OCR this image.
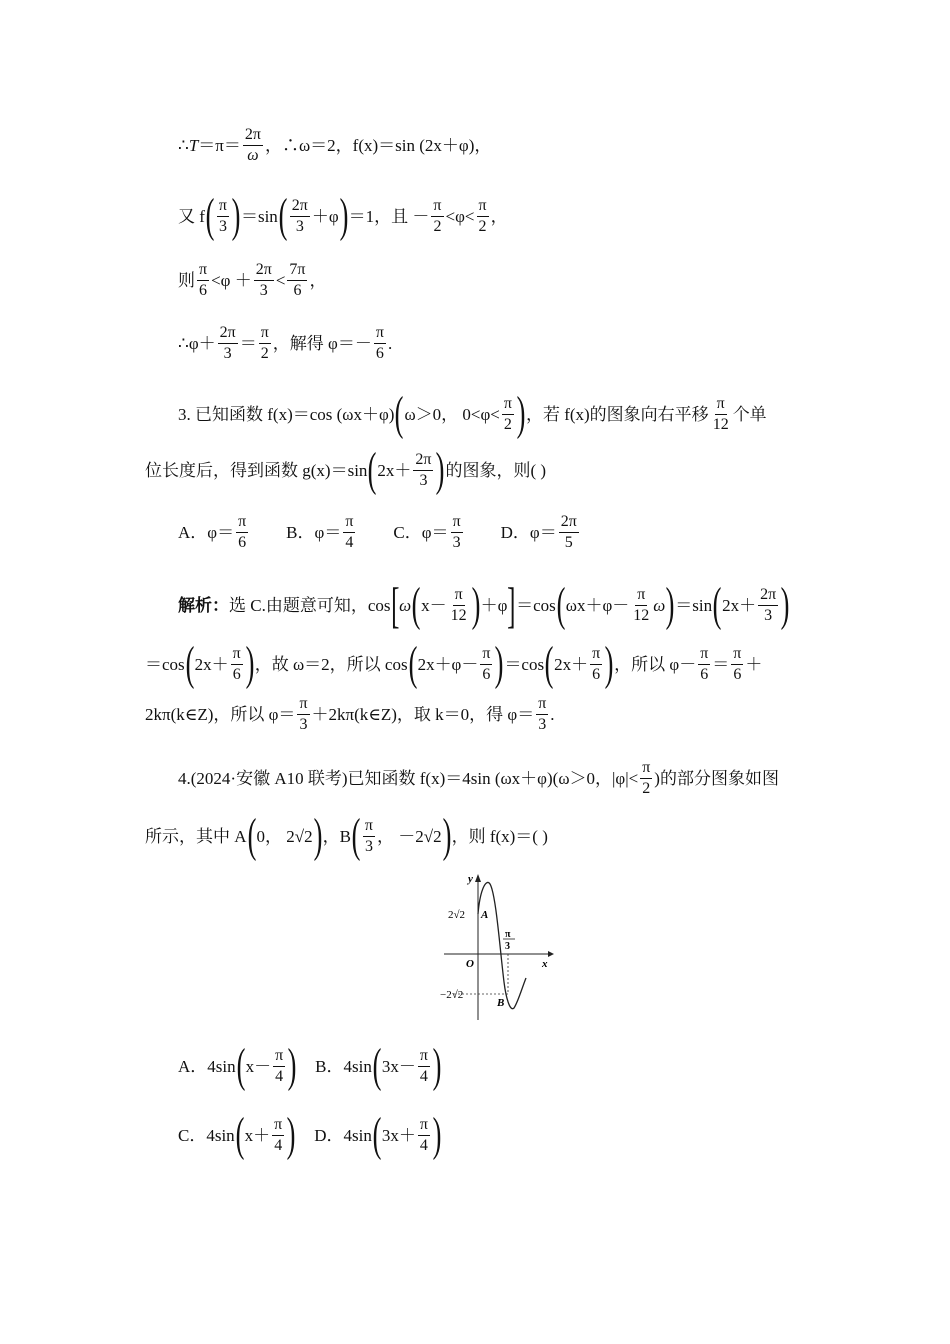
∴ $T =\pi= \frac{2\pi}{\omega}$ ，∴ω＝2， f(x)＝sin (2x＋φ)，
又 f ( $\frac{\pi}{3}$ ) ＝sin ( $\frac{2\pi}{3} +\varphi$ ) ＝1，且 － $\frac{\pi}{2} <\varphi< \frac{\pi}{2}$ ，
则 $\frac{\pi}{6} <\varphi + \frac{2\pi}{3} < \frac{7\pi}{6}$ ，
∴φ＋ $\frac{2\pi}{3} = \frac{\pi}{2}$ ，解得 $\varphi=- \frac{\pi}{6}$ .
3. 已知函数 f(x)＝cos (ωx＋φ) ( ω＞0， $0<\varphi< \frac{\pi}{2}$ ) ，若 f(x)的图象向右平移 $\frac{\pi}{12}$ 个单
位长度后，得到函数 g(x)＝sin ( $2x+ \frac{2\pi}{3}$ ) 的图象，则( )
A．$\varphi= \frac{\pi}{6}$ B．$\varphi= \frac{\pi}{4}$ C．$\varphi= \frac{\pi}{3}$ D．$\varphi= \frac{2\pi}{5}$
解析： 选 C.由题意可知，cos [ ω ( $x- \frac{\pi}{12}$ ) ＋φ ] ＝cos ( $\omega x+\varphi- \frac{\pi}{12}$ ω ) ＝sin ( $2x+ \frac{2\pi}{3}$ )
＝cos ( $2x+ \frac{\pi}{6}$ ) ，故 ω＝2，所以 cos ( $2x+\varphi- \frac{\pi}{6}$ ) ＝cos ( $2x+ \frac{\pi}{6}$ ) ，所以 $\varphi- \frac{\pi}{6} = \frac{\pi}{6}$ ＋
2kπ(k∈Z)，所以 $\varphi= \frac{\pi}{3}$ ＋2kπ(k∈Z)，取 k＝0，得 $\varphi= \frac{\pi}{3}$ .
4.(2024·安徽 A10 联考)已知函数 f(x)＝4sin (ωx＋φ)(ω＞0，$|\varphi|< \frac{\pi}{2}$ )的部分图象如图
所示，其中 A ( 0， 2√2 ) ，B ( $\frac{\pi}{3}$ ， －2√2 ) ，则 f(x)＝( )
y
x
O
2√2
−2√2
A
B
π
3
A．4sin ( $x- \frac{\pi}{4}$ ) B．4sin ( $3x- \frac{\pi}{4}$ )
C．4sin ( $x+ \frac{\pi}{4}$ ) D．4sin ( $3x+ \frac{\pi}{4}$ )
